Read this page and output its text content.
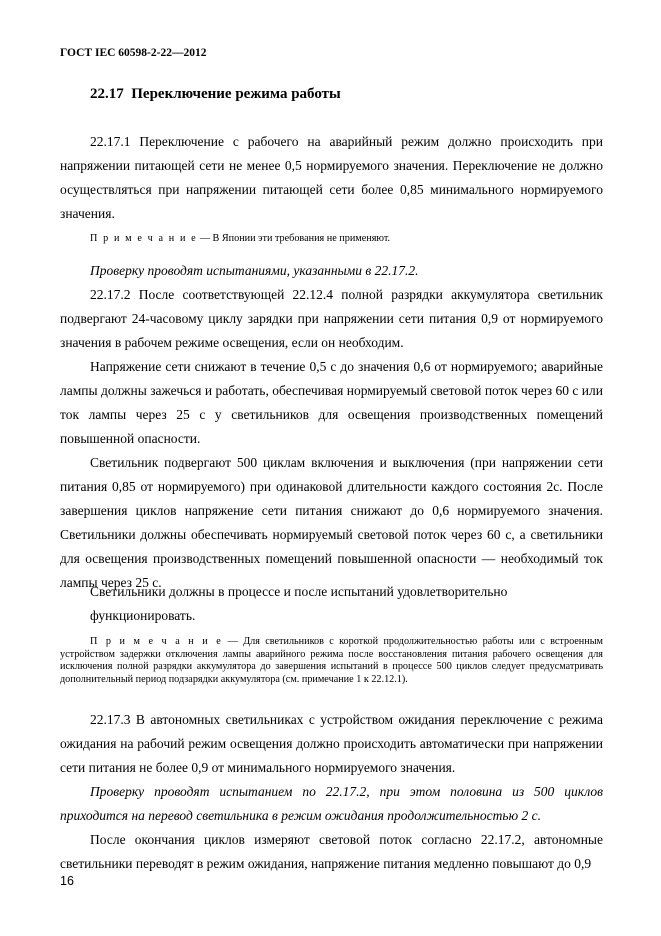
ГОСТ IEC 60598-2-22—2012
22.17 Переключение режима работы
22.17.1 Переключение с рабочего на аварийный режим должно происходить при напряжении питающей сети не менее 0,5 нормируемого значения. Переключение не должно осуществляться при напряжении питающей сети более 0,85 минимального нормируемого значения.
П р и м е ч а н и е — В Японии эти требования не применяют.
Проверку проводят испытаниями, указанными в 22.17.2.
22.17.2 После соответствующей 22.12.4 полной разрядки аккумулятора светильник подвергают 24-часовому циклу зарядки при напряжении сети питания 0,9 от нормируемого значения в рабочем режиме освещения, если он необходим.
Напряжение сети снижают в течение 0,5 с до значения 0,6 от нормируемого; аварийные лампы должны зажечься и работать, обеспечивая нормируемый световой поток через 60 с или ток лампы через 25 с у светильников для освещения производственных помещений повышенной опасности.
Светильник подвергают 500 циклам включения и выключения (при напряжении сети питания 0,85 от нормируемого) при одинаковой длительности каждого состояния 2с. После завершения циклов напряжение сети питания снижают до 0,6 нормируемого значения. Светильники должны обеспечивать нормируемый световой поток через 60 с, а светильники для освещения производственных помещений повышенной опасности — необходимый ток лампы через 25 с.
Светильники должны в процессе и после испытаний удовлетворительно
функционировать.
П р и м е ч а н и е — Для светильников с короткой продолжительностью работы или с встроенным устройством задержки отключения лампы аварийного режима после восстановления питания рабочего освещения для исключения полной разрядки аккумулятора до завершения испытаний в процессе 500 циклов следует предусматривать дополнительный период подзарядки аккумулятора (см. примечание 1 к 22.12.1).
22.17.3 В автономных светильниках с устройством ожидания переключение с режима ожидания на рабочий режим освещения должно происходить автоматически при напряжении сети питания не более 0,9 от минимального нормируемого значения.
Проверку проводят испытанием по 22.17.2, при этом половина из 500 циклов приходится на перевод светильника в режим ожидания продолжительностью 2 с.
После окончания циклов измеряют световой поток согласно 22.17.2, автономные светильники переводят в режим ожидания, напряжение питания медленно повышают до 0,9
16
